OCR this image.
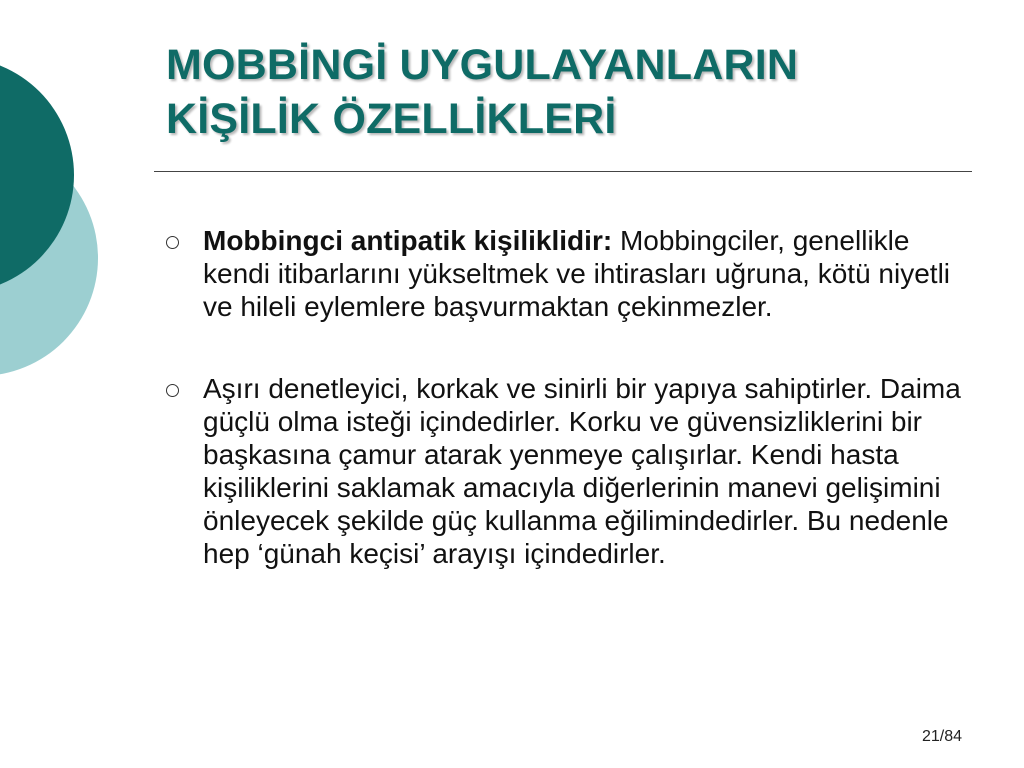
MOBBİNGİ UYGULAYANLARIN
KİŞİLİK ÖZELLİKLERİ
Mobbingci antipatik kişiliklidir: Mobbingciler, genellikle kendi itibarlarını yükseltmek ve ihtirasları uğruna, kötü niyetli ve hileli eylemlere başvurmaktan çekinmezler.
Aşırı denetleyici, korkak ve sinirli bir yapıya sahiptirler. Daima güçlü olma isteği içindedirler. Korku ve güvensizliklerini bir başkasına çamur atarak yenmeye çalışırlar. Kendi hasta kişiliklerini saklamak amacıyla diğerlerinin manevi gelişimini önleyecek şekilde güç kullanma eğilimindedirler. Bu nedenle hep ‘günah keçisi’ arayışı içindedirler.
21/84
